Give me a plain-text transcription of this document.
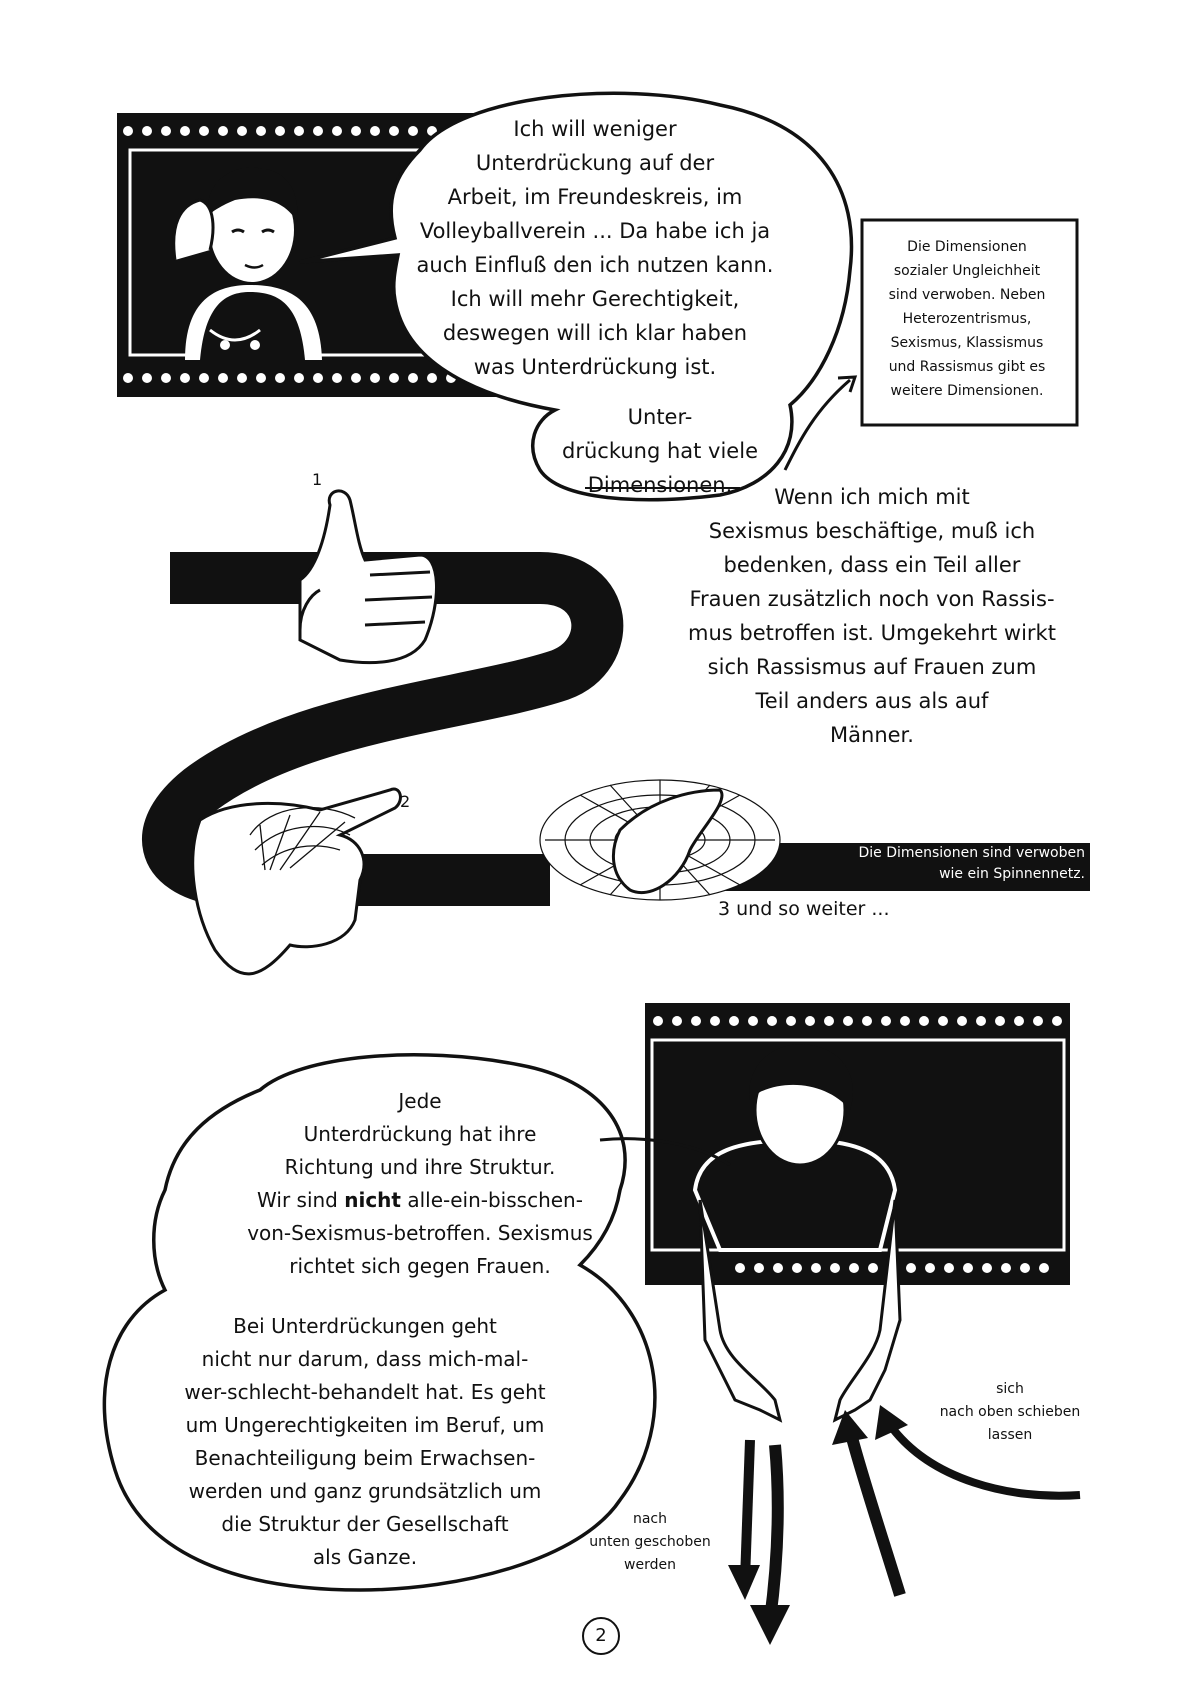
Ich will weniger
Unterdrückung auf der
Arbeit, im Freundeskreis, im
Volleyballverein ... Da habe ich ja
auch Einfluß den ich nutzen kann.
Ich will mehr Gerechtigkeit,
deswegen will ich klar haben
was Unterdrückung ist.
Unter-
drückung hat viele
Dimensionen.
Die Dimensionen
sozialer Ungleichheit
sind verwoben. Neben
Heterozentrismus,
Sexismus, Klassismus
und Rassismus gibt es
weitere Dimensionen.
Wenn ich mich mit
Sexismus beschäftige, muß ich
bedenken, dass ein Teil aller
Frauen zusätzlich noch von Rassis-
mus betroffen ist. Umgekehrt wirkt
sich Rassismus auf Frauen zum
Teil anders aus als auf
Männer.
Die Dimensionen sind verwoben
wie ein Spinnennetz.
1
2
3 und so weiter ...
Jede
Unterdrückung hat ihre
Richtung und ihre Struktur.
Wir sind nicht alle-ein-bisschen-
von-Sexismus-betroffen. Sexismus
richtet sich gegen Frauen.
Bei Unterdrückungen geht
nicht nur darum, dass mich-mal-
wer-schlecht-behandelt hat. Es geht
um Ungerechtigkeiten im Beruf, um
Benachteiligung beim Erwachsen-
werden und ganz grundsätzlich um
die Struktur der Gesellschaft
als Ganze.
sich
nach oben schieben
lassen
nach
unten geschoben
werden
2
